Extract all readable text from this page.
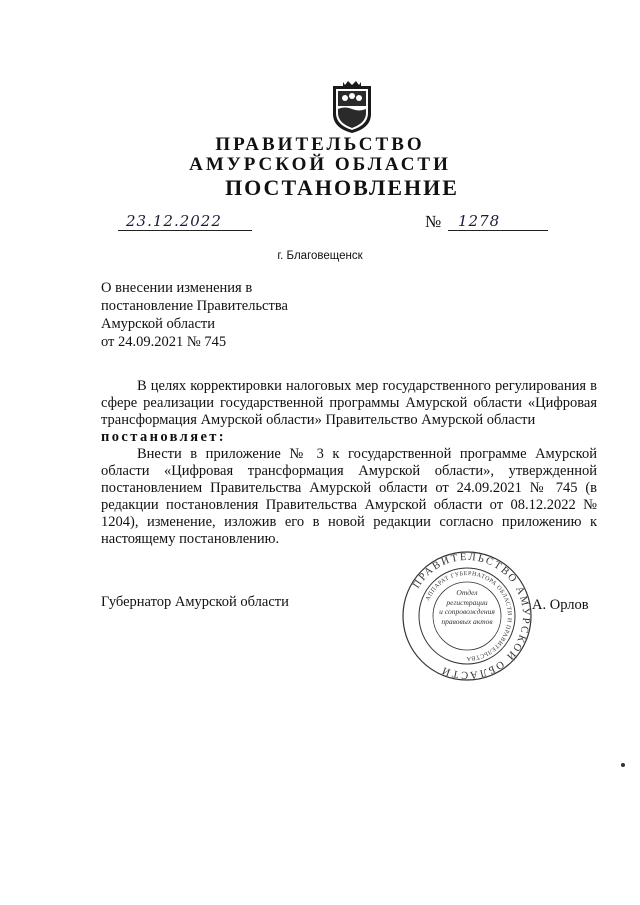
ПРАВИТЕЛЬСТВО
АМУРСКОЙ ОБЛАСТИ
ПОСТАНОВЛЕНИЕ
23.12.2022	№ 1278
г. Благовещенск
О внесении изменения в
постановление Правительства
Амурской области
от 24.09.2021 № 745

В целях корректировки налоговых мер государственного регулирования в сфере реализации государственной программы Амурской области «Цифровая трансформация Амурской области» Правительство Амурской области

постановляет:

Внести в приложение № 3 к государственной программе Амурской области «Цифровая трансформация Амурской области», утвержденной постановлением Правительства Амурской области от 24.09.2021 № 745 (в редакции постановления Правительства Амурской области от 08.12.2022 № 1204), изменение, изложив его в новой редакции согласно приложению к настоящему постановлению.

Губернатор Амурской области
ПРАВИТЕЛЬСТВО АМУРСКОЙ ОБЛАСТИ
АППАРАТ ГУБЕРНАТОРА ОБЛАСТИ И ПРАВИТЕЛЬСТВА
Отдел
регистрации
и сопровождения
правовых актов
А. Орлов
